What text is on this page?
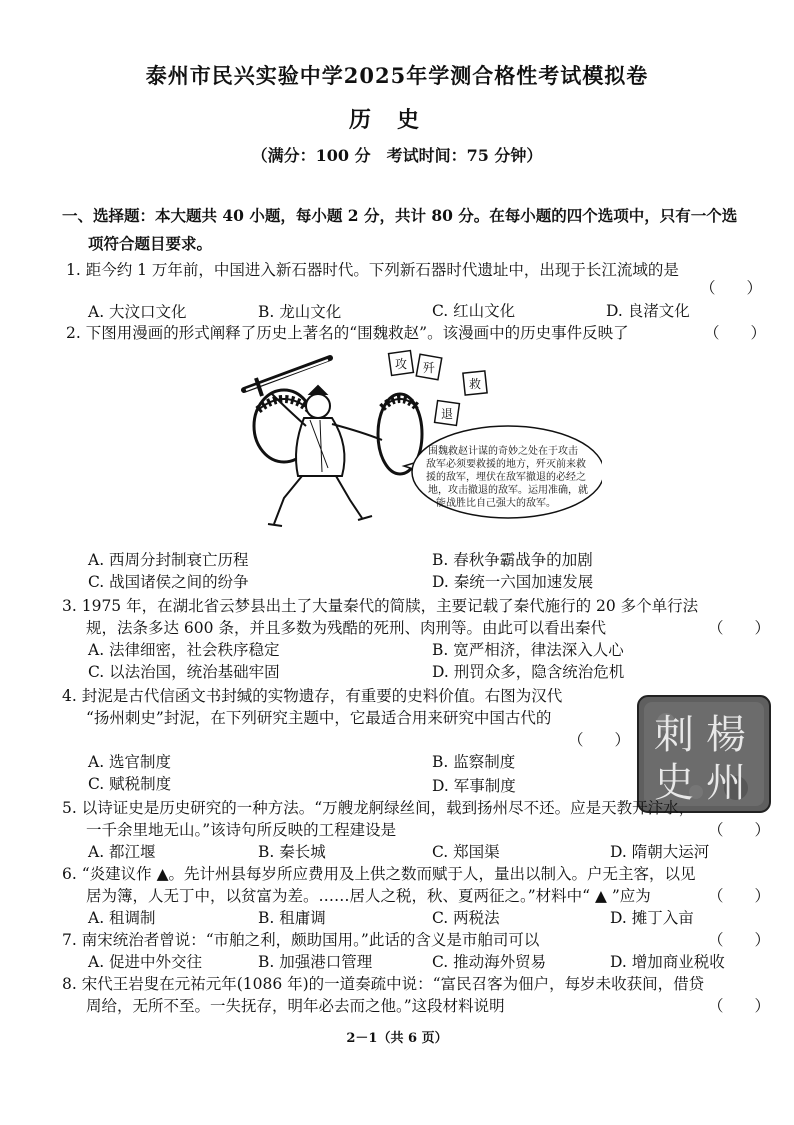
泰州市民兴实验中学2025年学测合格性考试模拟卷
历史
（满分：100 分　考试时间：75 分钟）
一、选择题：本大题共 40 小题，每小题 2 分，共计 80 分。在每小题的四个选项中，只有一个选
项符合题目要求。
1. 距今约 1 万年前，中国进入新石器时代。下列新石器时代遗址中，出现于长江流域的是
（　　）
A. 大汶口文化	B. 龙山文化	C. 红山文化	D. 良渚文化
2. 下图用漫画的形式阐释了历史上著名的“围魏救赵”。该漫画中的历史事件反映了	（　　）
攻 歼
救
退
围魏救赵计谋的奇妙之处在于攻击
敌军必须要救援的地方，歼灭前来救
援的敌军，埋伏在敌军撤退的必经之
地，攻击撤退的敌军。运用准确，就
能战胜比自己强大的敌军。
A. 西周分封制衰亡历程	B. 春秋争霸战争的加剧
C. 战国诸侯之间的纷争	D. 秦统一六国加速发展
3. 1975 年，在湖北省云梦县出土了大量秦代的简牍，主要记载了秦代施行的 20 多个单行法
规，法条多达 600 条，并且多数为残酷的死刑、肉刑等。由此可以看出秦代	（　　）
A. 法律细密，社会秩序稳定	B. 宽严相济，律法深入人心
C. 以法治国，统治基础牢固	D. 刑罚众多，隐含统治危机
4. 封泥是古代信函文书封缄的实物遗存，有重要的史料价值。右图为汉代
“扬州刺史”封泥，在下列研究主题中，它最适合用来研究中国古代的
（　　）
A. 选官制度	B. 监察制度
C. 赋税制度	D. 军事制度
楊
州
刺
史
5. 以诗证史是历史研究的一种方法。“万艘龙舸绿丝间，载到扬州尽不还。应是天教开汴水，
一千余里地无山。”该诗句所反映的工程建设是	（　　）
A. 都江堰	B. 秦长城	C. 郑国渠	D. 隋朝大运河
6. “炎建议作 ▲。先计州县每岁所应费用及上供之数而赋于人，量出以制入。户无主客，以见
居为簿，人无丁中，以贫富为差。……居人之税，秋、夏两征之。”材料中“ ▲ ”应为	（　　）
A. 租调制	B. 租庸调	C. 两税法	D. 摊丁入亩
7. 南宋统治者曾说：“市舶之利，颇助国用。”此话的含义是市舶司可以	（　　）
A. 促进中外交往	B. 加强港口管理	C. 推动海外贸易	D. 增加商业税收
8. 宋代王岩叟在元祐元年(1086 年)的一道奏疏中说：“富民召客为佃户，每岁未收获间，借贷
周给，无所不至。一失抚存，明年必去而之他。”这段材料说明	（　　）
2－1（共 6 页）
